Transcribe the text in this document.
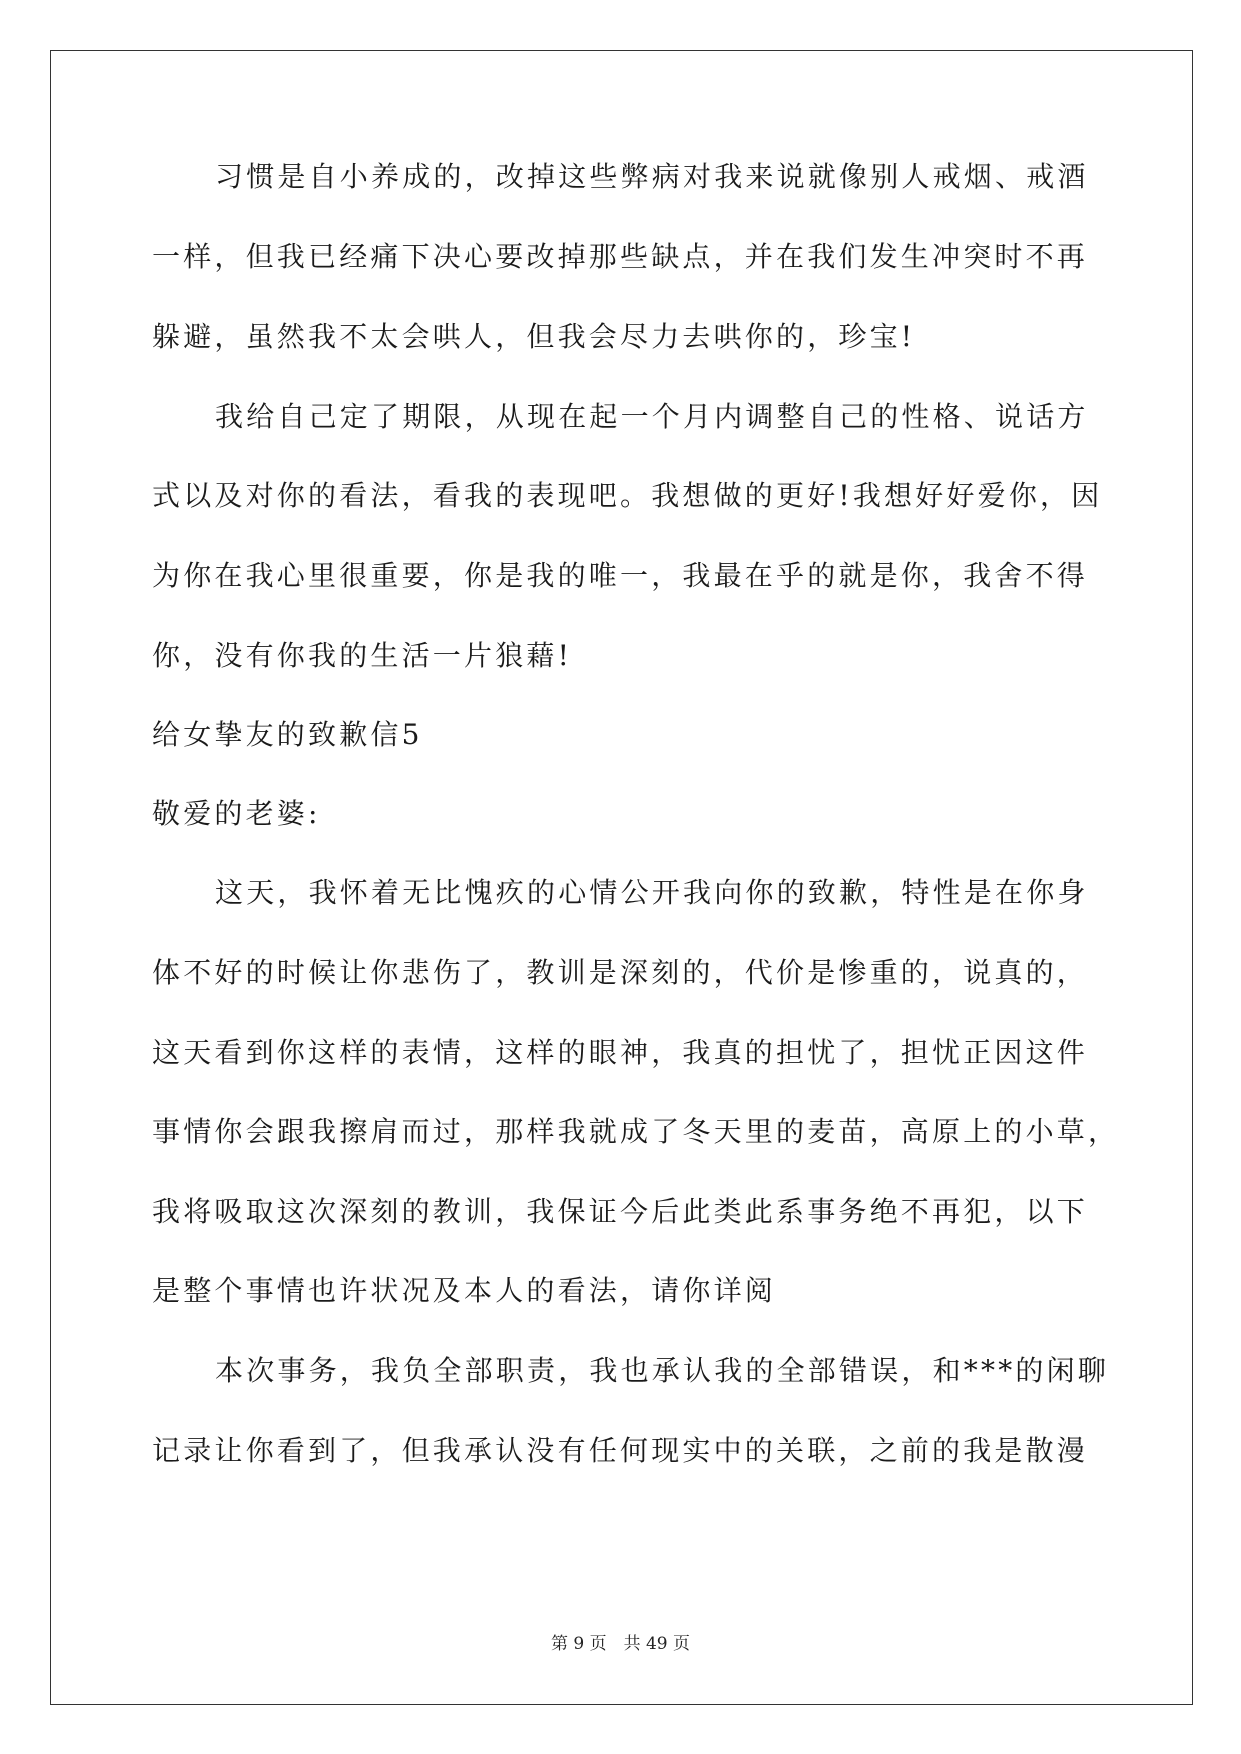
习惯是自小养成的，改掉这些弊病对我来说就像别人戒烟、戒酒
一样，但我已经痛下决心要改掉那些缺点，并在我们发生冲突时不再
躲避，虽然我不太会哄人，但我会尽力去哄你的，珍宝!
我给自己定了期限，从现在起一个月内调整自己的性格、说话方
式以及对你的看法，看我的表现吧。我想做的更好!我想好好爱你，因
为你在我心里很重要，你是我的唯一，我最在乎的就是你，我舍不得
你，没有你我的生活一片狼藉!
给女挚友的致歉信5
敬爱的老婆:
这天，我怀着无比愧疚的心情公开我向你的致歉，特性是在你身
体不好的时候让你悲伤了，教训是深刻的，代价是惨重的，说真的，
这天看到你这样的表情，这样的眼神，我真的担忧了，担忧正因这件
事情你会跟我擦肩而过，那样我就成了冬天里的麦苗，高原上的小草，
我将吸取这次深刻的教训，我保证今后此类此系事务绝不再犯，以下
是整个事情也许状况及本人的看法，请你详阅
本次事务，我负全部职责，我也承认我的全部错误，和***的闲聊
记录让你看到了，但我承认没有任何现实中的关联，之前的我是散漫
第 9 页　共 49 页
